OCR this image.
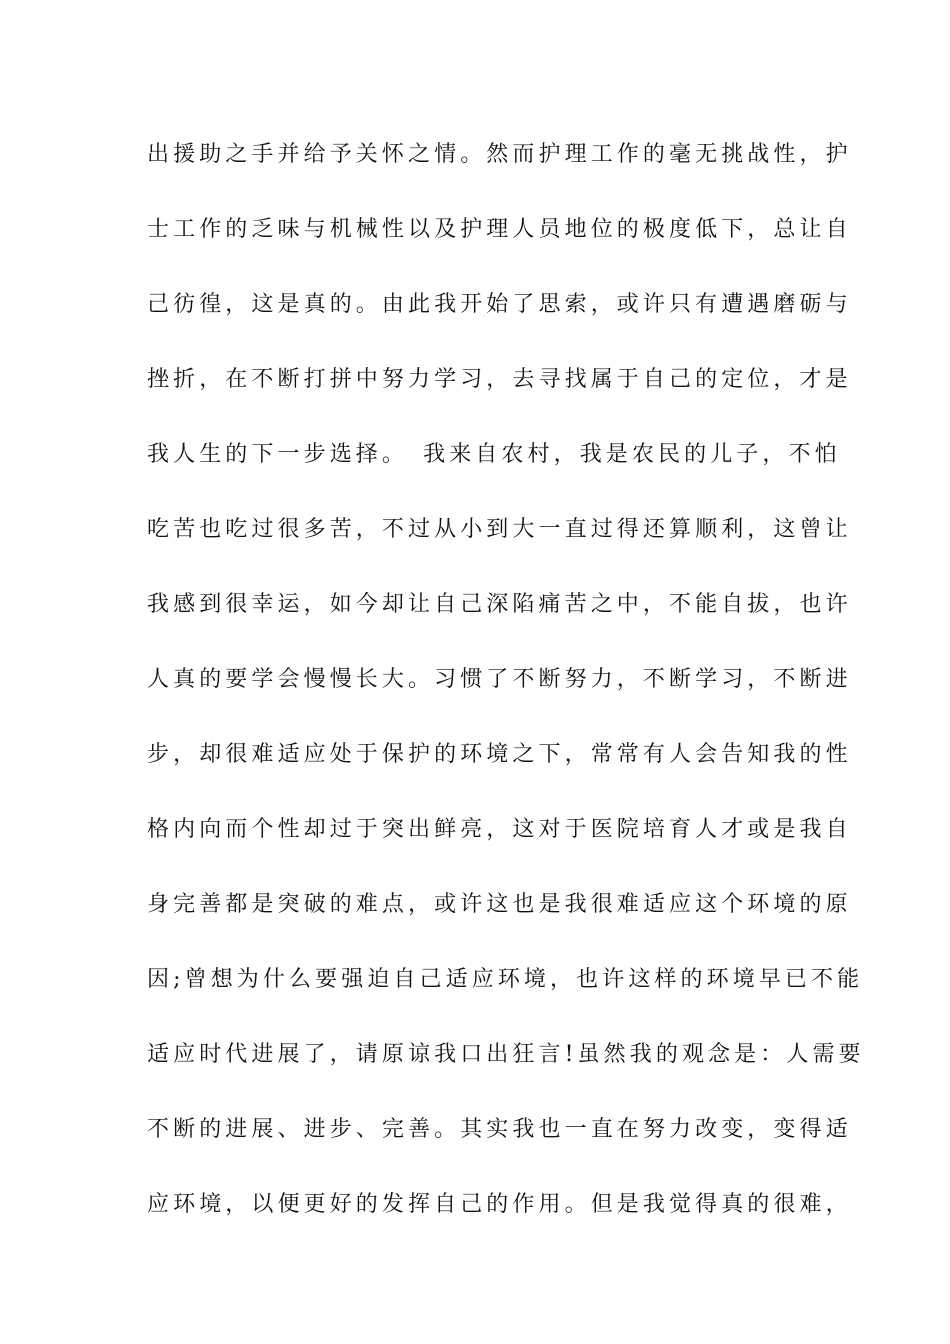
出援助之手并给予关怀之情。然而护理工作的毫无挑战性，护
士工作的乏味与机械性以及护理人员地位的极度低下，总让自
己彷徨，这是真的。由此我开始了思索，或许只有遭遇磨砺与
挫折，在不断打拼中努力学习，去寻找属于自己的定位，才是
我人生的下一步选择。　我来自农村，我是农民的儿子，不怕
吃苦也吃过很多苦，不过从小到大一直过得还算顺利，这曾让
我感到很幸运，如今却让自己深陷痛苦之中，不能自拔，也许
人真的要学会慢慢长大。习惯了不断努力，不断学习，不断进
步，却很难适应处于保护的环境之下，常常有人会告知我的性
格内向而个性却过于突出鲜亮，这对于医院培育人才或是我自
身完善都是突破的难点，或许这也是我很难适应这个环境的原
因;曾想为什么要强迫自己适应环境，也许这样的环境早已不能
适应时代进展了，请原谅我口出狂言!虽然我的观念是：人需要
不断的进展、进步、完善。其实我也一直在努力改变，变得适
应环境，以便更好的发挥自己的作用。但是我觉得真的很难，
